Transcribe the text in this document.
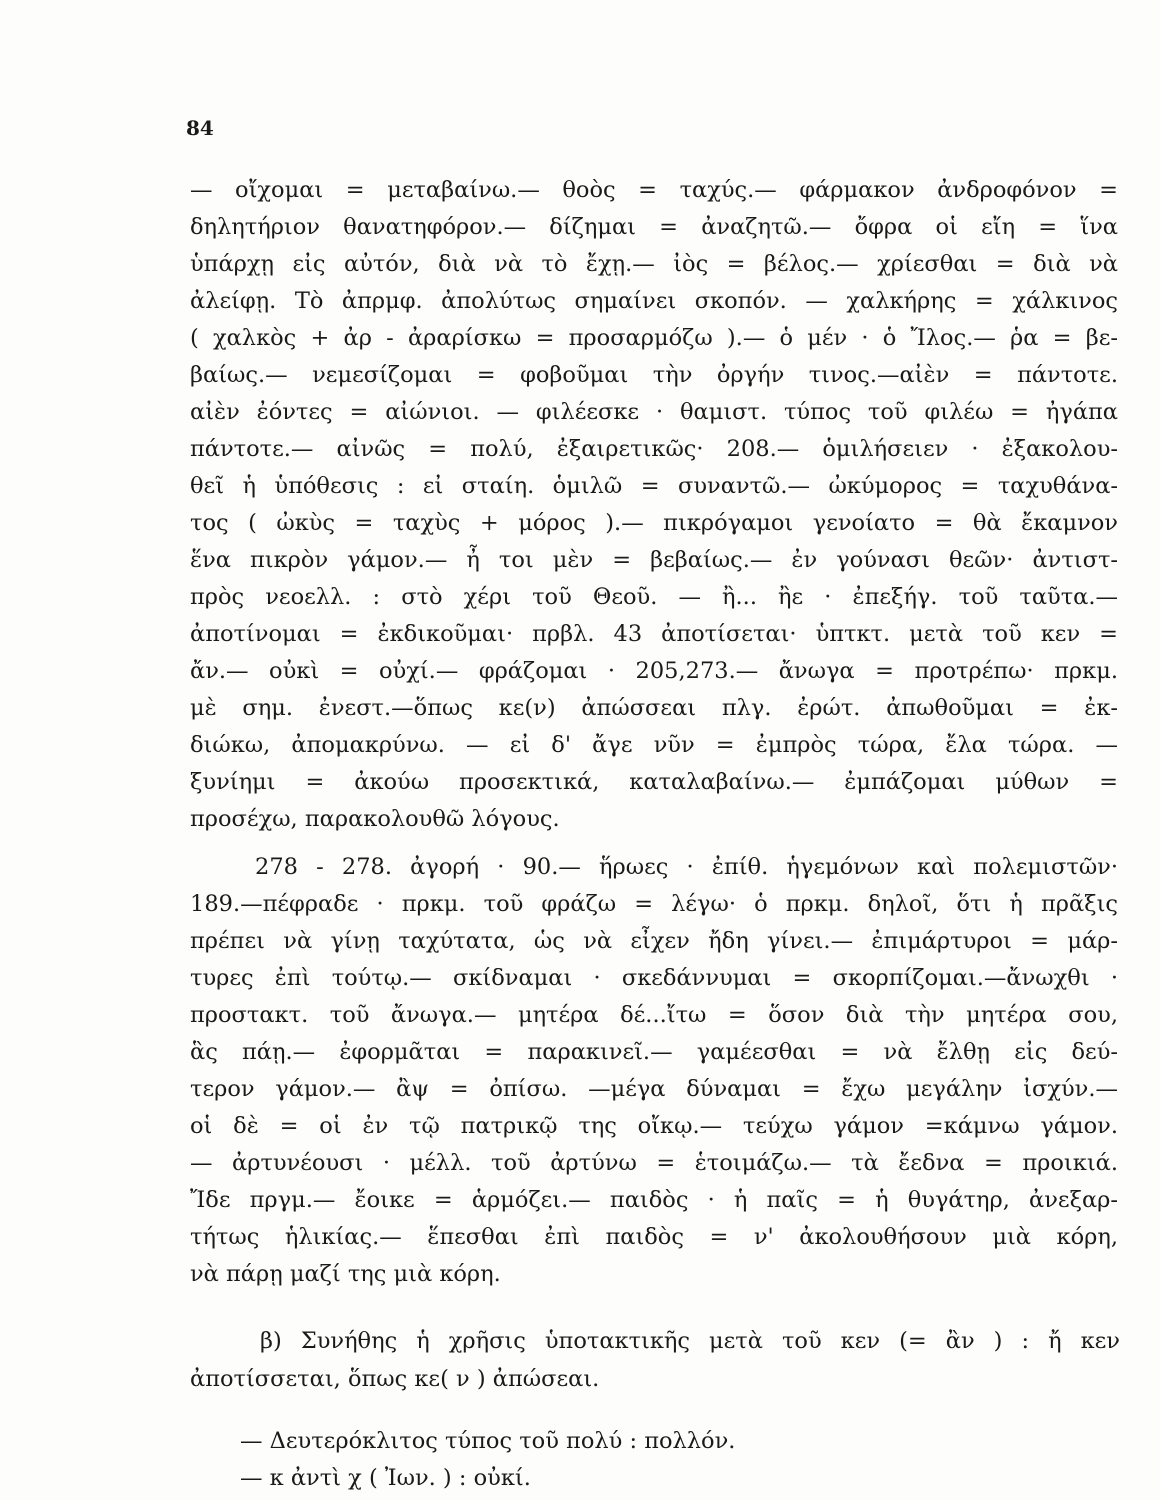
84
— οἴχομαι = μεταβαίνω.— θοὸς = ταχύς.— φάρμακον ἀνδροφόνον =
δηλητήριον θανατηφόρον.— δίζημαι = ἀναζητῶ.— ὄφρα οἱ εἴη = ἵνα
ὑπάρχῃ εἰς αὐτόν, διὰ νὰ τὸ ἔχῃ.— ἰὸς = βέλος.— χρίεσθαι = διὰ νὰ
ἀλείφῃ. Τὸ ἀπρμφ. ἀπολύτως σημαίνει σκοπόν. — χαλκήρης = χάλκινος
( χαλκὸς + ἀρ - ἀραρίσκω = προσαρμόζω ).— ὁ μέν · ὁ Ἴλος.— ῥα = βε-
βαίως.— νεμεσίζομαι = φοβοῦμαι τὴν ὀργήν τινος.—αἰὲν = πάντοτε.
αἰὲν ἐόντες = αἰώνιοι. — φιλέεσκε · θαμιστ. τύπος τοῦ φιλέω = ἠγάπα
πάντοτε.— αἰνῶς = πολύ, ἐξαιρετικῶς· 208.— ὁμιλήσειεν · ἐξακολου-
θεῖ ἡ ὑπόθεσις : εἰ σταίη. ὁμιλῶ = συναντῶ.— ὠκύμορος = ταχυθάνα-
τος ( ὠκὺς = ταχὺς + μόρος ).— πικρόγαμοι γενοίατο = θὰ ἔκαμνον
ἕνα πικρὸν γάμον.— ἦ τοι μὲν = βεβαίως.— ἐν γούνασι θεῶν· ἀντιστ-
πρὸς νεοελλ. : στὸ χέρι τοῦ Θεοῦ. — ἢ... ἢε · ἐπεξήγ. τοῦ ταῦτα.—
ἀποτίνομαι = ἐκδικοῦμαι· πρβλ. 43 ἀποτίσεται· ὑπτκτ. μετὰ τοῦ κεν =
ἄν.— οὐκὶ = οὐχί.— φράζομαι · 205,273.— ἄνωγα = προτρέπω· πρκμ.
μὲ σημ. ἐνεστ.—ὅπως κε(ν) ἀπώσσεαι πλγ. ἐρώτ. ἀπωθοῦμαι = ἐκ-
διώκω, ἀπομακρύνω. — εἰ δ' ἄγε νῦν = ἐμπρὸς τώρα, ἔλα τώρα. —
ξυνίημι = ἀκούω προσεκτικά, καταλαβαίνω.— ἐμπάζομαι μύθων =
προσέχω, παρακολουθῶ λόγους.
278 - 278. ἀγορή · 90.— ἥρωες · ἐπίθ. ἡγεμόνων καὶ πολεμιστῶν·
189.—πέφραδε · πρκμ. τοῦ φράζω = λέγω· ὁ πρκμ. δηλοῖ, ὅτι ἡ πρᾶξις
πρέπει νὰ γίνῃ ταχύτατα, ὡς νὰ εἶχεν ἤδη γίνει.— ἐπιμάρτυροι = μάρ-
τυρες ἐπὶ τούτῳ.— σκίδναμαι · σκεδάννυμαι = σκορπίζομαι.—ἄνωχθι ·
προστακτ. τοῦ ἄνωγα.— μητέρα δέ...ἴτω = ὅσον διὰ τὴν μητέρα σου,
ἃς πάῃ.— ἐφορμᾶται = παρακινεῖ.— γαμέεσθαι = νὰ ἔλθῃ εἰς δεύ-
τερον γάμον.— ἂψ = ὀπίσω. —μέγα δύναμαι = ἔχω μεγάλην ἰσχύν.—
οἱ δὲ = οἱ ἐν τῷ πατρικῷ της οἴκῳ.— τεύχω γάμον =κάμνω γάμον.
— ἀρτυνέουσι · μέλλ. τοῦ ἀρτύνω = ἑτοιμάζω.— τὰ ἔεδνα = προικιά.
Ἴδε πργμ.— ἔοικε = ἁρμόζει.— παιδὸς · ἡ παῖς = ἡ θυγάτηρ, ἀνεξαρ-
τήτως ἡλικίας.— ἕπεσθαι ἐπὶ παιδὸς = ν' ἀκολουθήσουν μιὰ κόρη,
νὰ πάρῃ μαζί της μιὰ κόρη.
β) Συνήθης ἡ χρῆσις ὑποτακτικῆς μετὰ τοῦ κεν (= ἂν ) : ἤ κεν
ἀποτίσσεται, ὅπως κε( ν ) ἀπώσεαι.
— Δευτερόκλιτος τύπος τοῦ πολύ : πολλόν.
— κ ἀντὶ χ ( Ἰων. ) : οὐκί.
